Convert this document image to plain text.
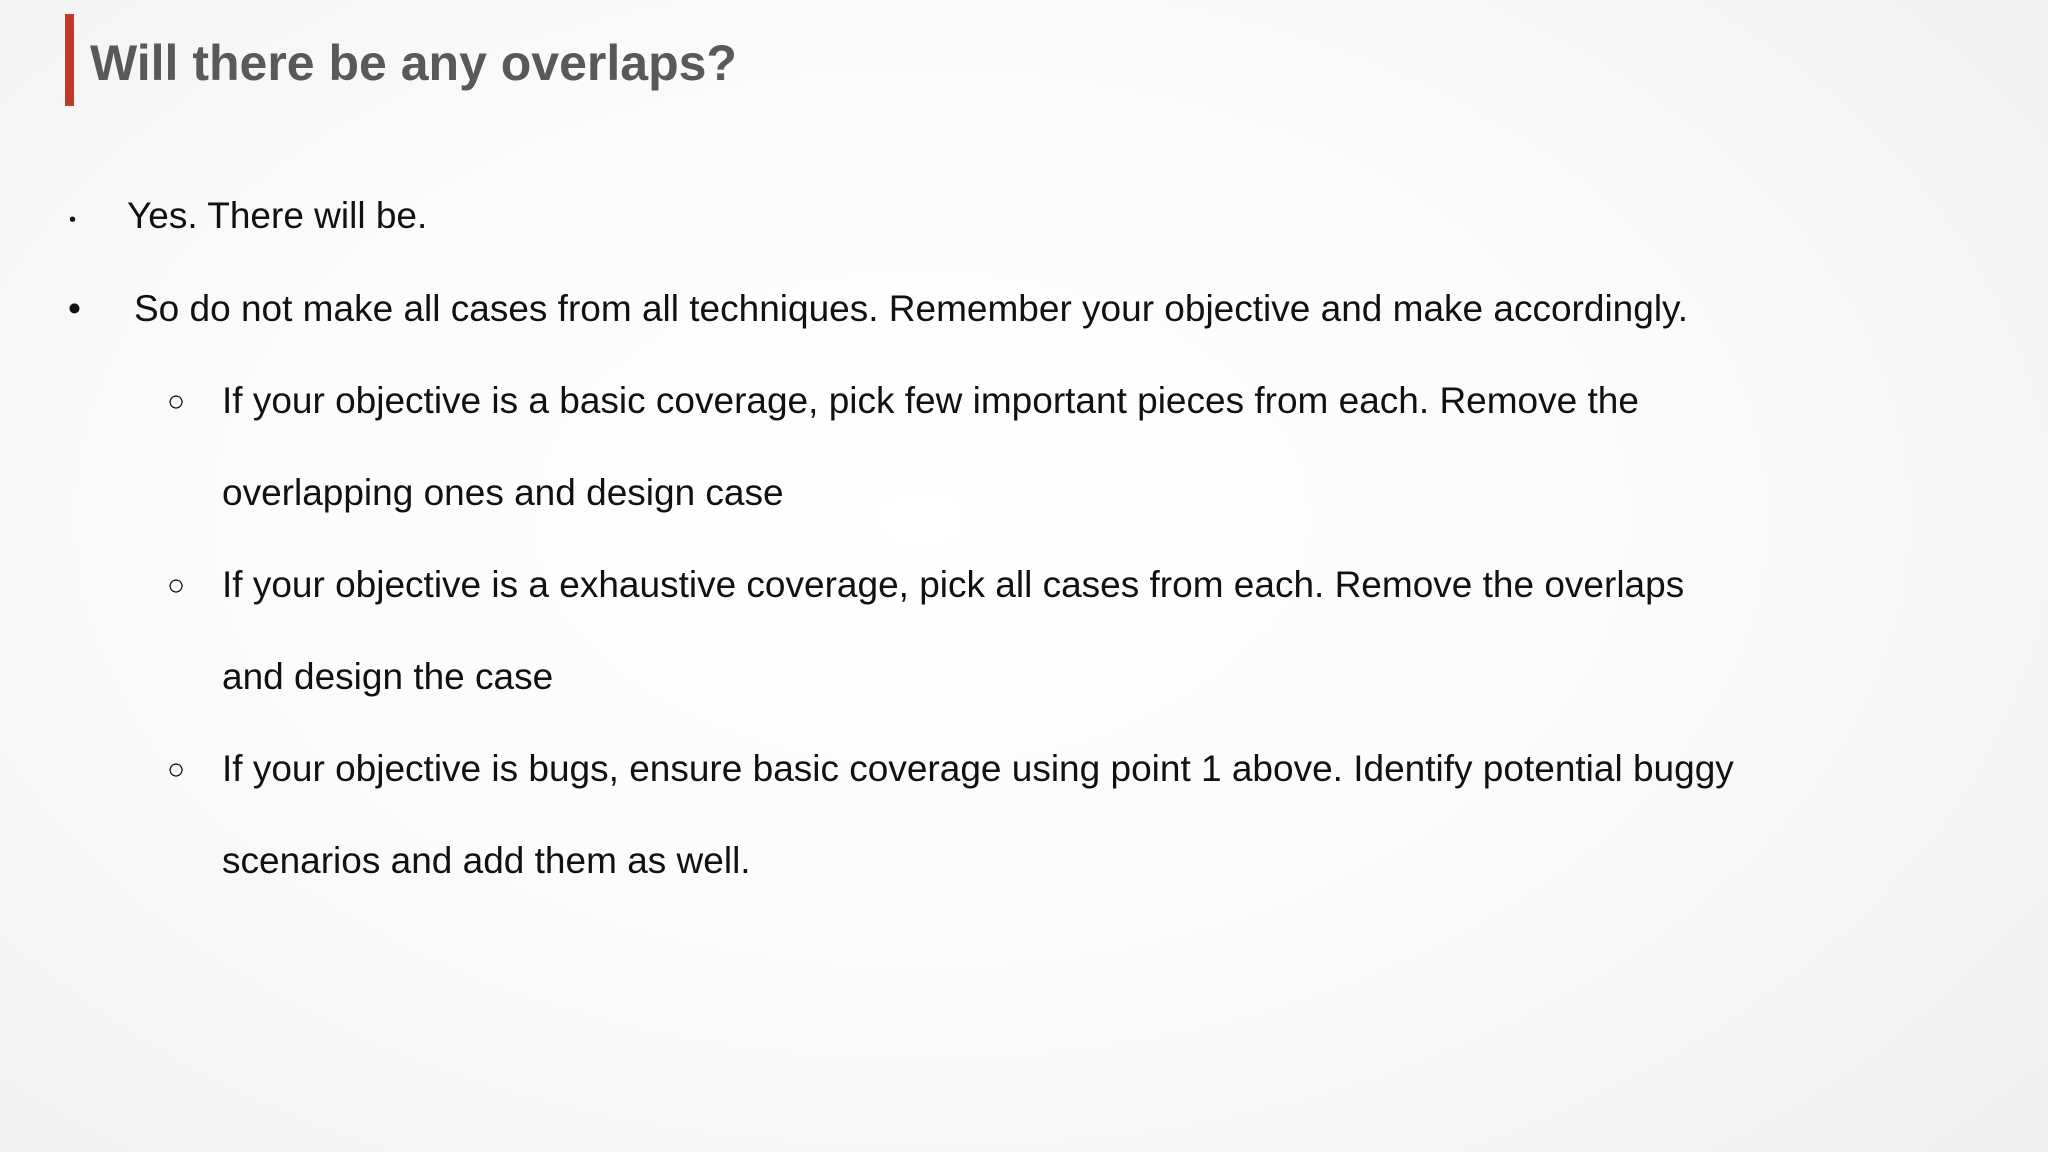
Will there be any overlaps?
• Yes. There will be.
• So do not make all cases from all techniques. Remember your objective and make accordingly.
○ If your objective is a basic coverage, pick few important pieces from each. Remove the
overlapping ones and design case
○ If your objective is a exhaustive coverage, pick all cases from each. Remove the overlaps
and design the case
○ If your objective is bugs, ensure basic coverage using point 1 above. Identify potential buggy
scenarios and add them as well.
